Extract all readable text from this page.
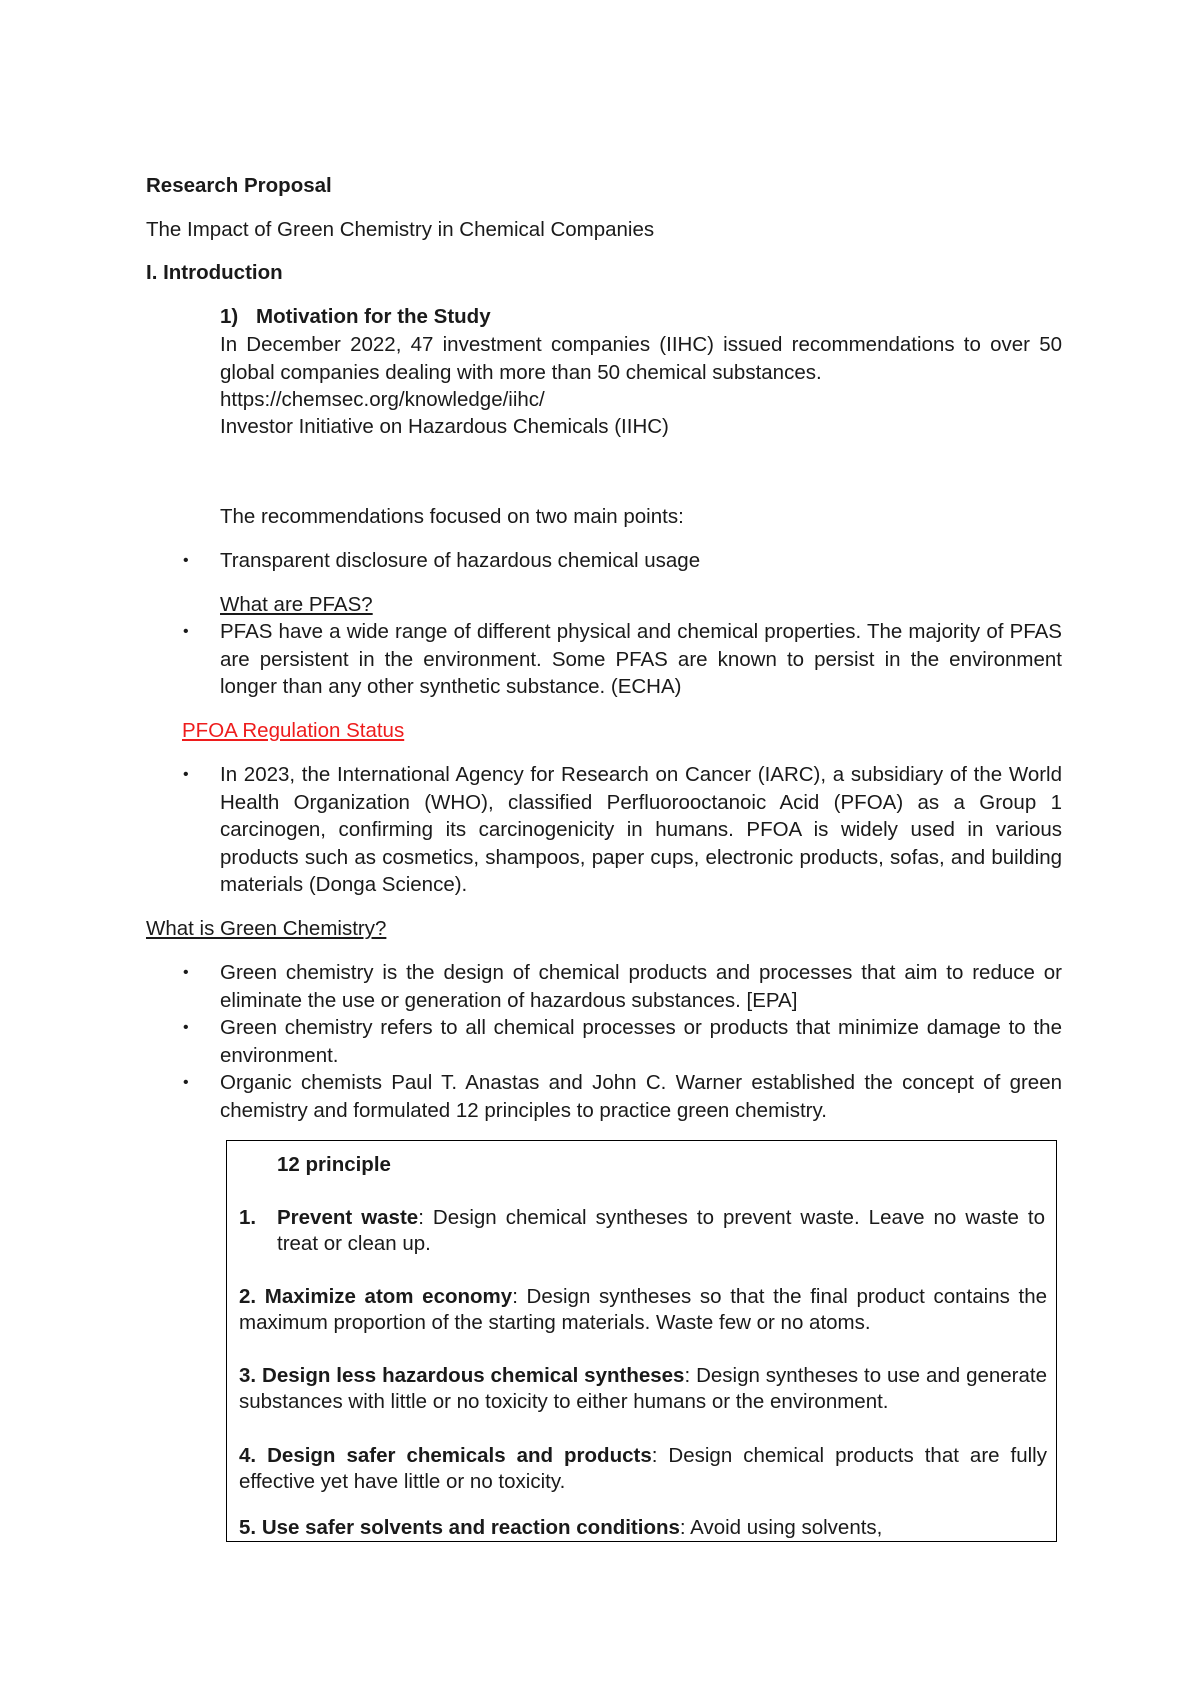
Research Proposal
The Impact of Green Chemistry in Chemical Companies
I. Introduction
1) Motivation for the Study
In December 2022, 47 investment companies (IIHC) issued recommendations to over 50 global companies dealing with more than 50 chemical substances.
https://chemsec.org/knowledge/iihc/
Investor Initiative on Hazardous Chemicals (IIHC)
The recommendations focused on two main points:
• Transparent disclosure of hazardous chemical usage
What are PFAS?
• PFAS have a wide range of different physical and chemical properties. The majority of PFAS are persistent in the environment. Some PFAS are known to persist in the environment longer than any other synthetic substance. (ECHA)
PFOA Regulation Status
• In 2023, the International Agency for Research on Cancer (IARC), a subsidiary of the World Health Organization (WHO), classified Perfluorooctanoic Acid (PFOA) as a Group 1 carcinogen, confirming its carcinogenicity in humans. PFOA is widely used in various products such as cosmetics, shampoos, paper cups, electronic products, sofas, and building materials (Donga Science).
What is Green Chemistry?
• Green chemistry is the design of chemical products and processes that aim to reduce or eliminate the use or generation of hazardous substances. [EPA]
• Green chemistry refers to all chemical processes or products that minimize damage to the environment.
• Organic chemists Paul T. Anastas and John C. Warner established the concept of green chemistry and formulated 12 principles to practice green chemistry.
12 principle
1. Prevent waste: Design chemical syntheses to prevent waste. Leave no waste to treat or clean up.
2. Maximize atom economy: Design syntheses so that the final product contains the maximum proportion of the starting materials. Waste few or no atoms.
3. Design less hazardous chemical syntheses: Design syntheses to use and generate substances with little or no toxicity to either humans or the environment.
4. Design safer chemicals and products: Design chemical products that are fully effective yet have little or no toxicity.
5. Use safer solvents and reaction conditions: Avoid using solvents,
